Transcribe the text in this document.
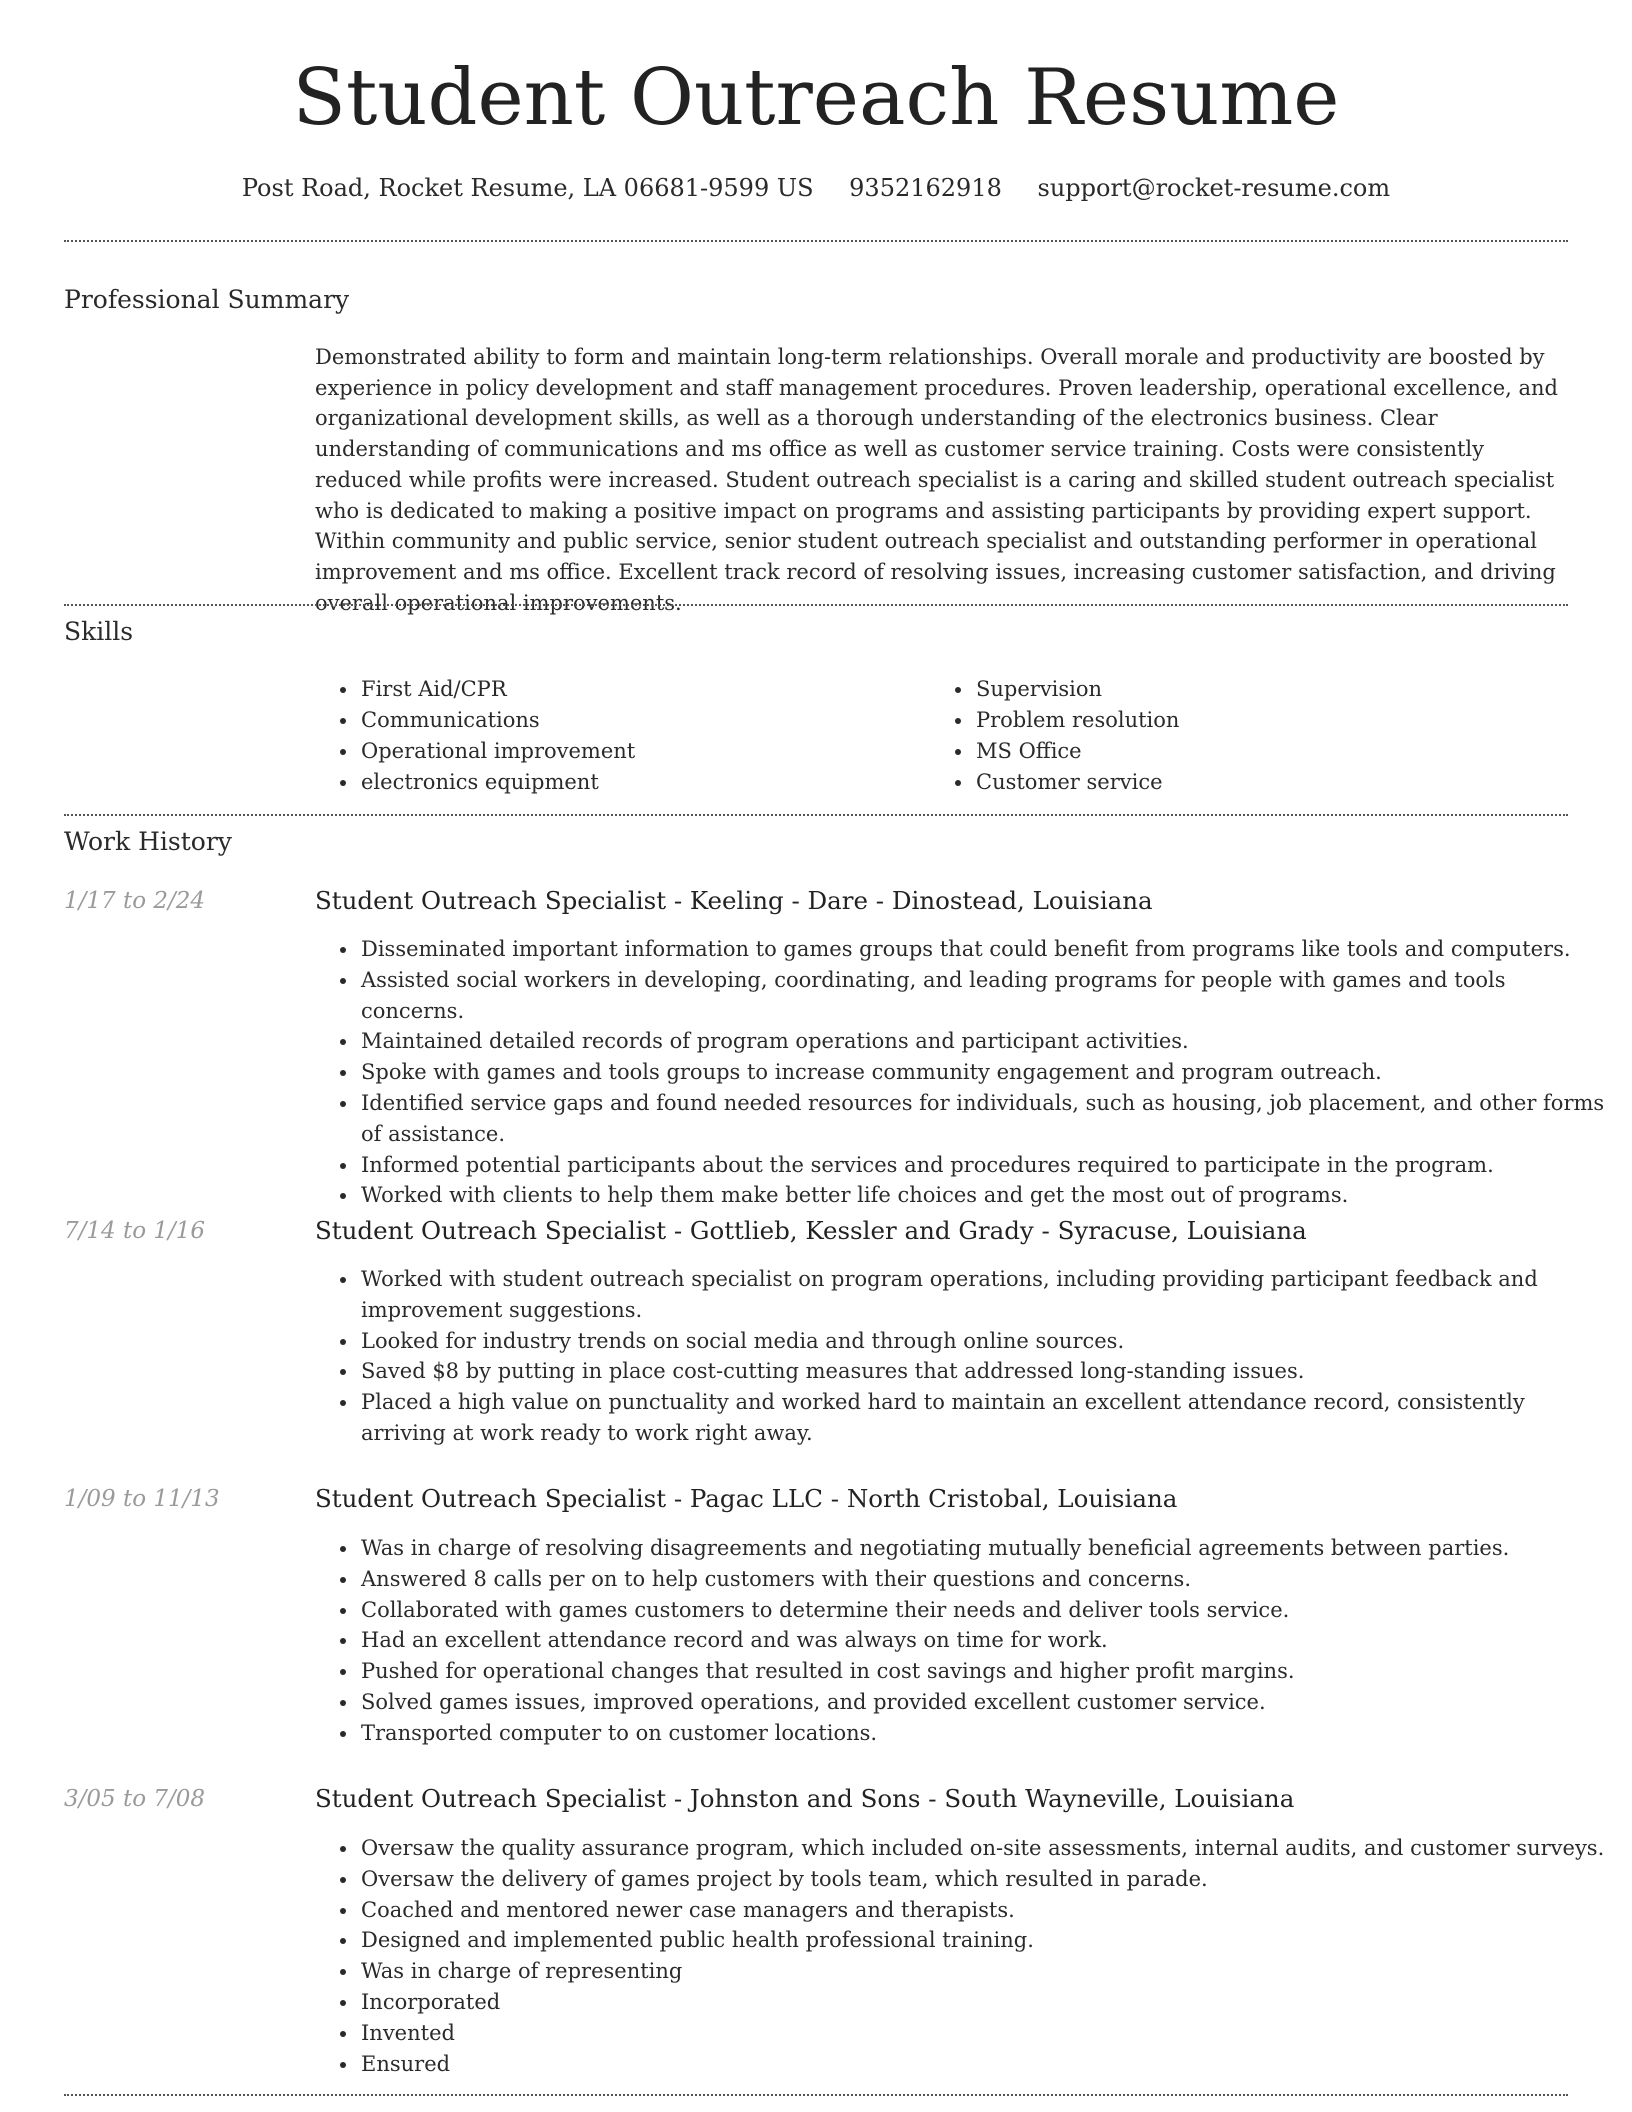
Student Outreach Resume
Post Road, Rocket Resume, LA 06681-9599 US 9352162918 support@rocket-resume.com
Professional Summary

Demonstrated ability to form and maintain long-term relationships. Overall morale and productivity are boosted by experience in policy development and staff management procedures. Proven leadership, operational excellence, and organizational development skills, as well as a thorough understanding of the electronics business. Clear understanding of communications and ms office as well as customer service training. Costs were consistently reduced while profits were increased. Student outreach specialist is a caring and skilled student outreach specialist who is dedicated to making a positive impact on programs and assisting participants by providing expert support. Within community and public service, senior student outreach specialist and outstanding performer in operational improvement and ms office. Excellent track record of resolving issues, increasing customer satisfaction, and driving overall operational improvements.

Skills
• First Aid/CPR
• Communications
• Operational improvement
• electronics equipment
• Supervision
• Problem resolution
• MS Office
• Customer service
Work History
1/17 to 2/24	Student Outreach Specialist - Keeling - Dare - Dinostead, Louisiana
• Disseminated important information to games groups that could benefit from programs like tools and computers.
• Assisted social workers in developing, coordinating, and leading programs for people with games and tools concerns.
• Maintained detailed records of program operations and participant activities.
• Spoke with games and tools groups to increase community engagement and program outreach.
• Identified service gaps and found needed resources for individuals, such as housing, job placement, and other forms of assistance.
• Informed potential participants about the services and procedures required to participate in the program.
• Worked with clients to help them make better life choices and get the most out of programs.
7/14 to 1/16	Student Outreach Specialist - Gottlieb, Kessler and Grady - Syracuse, Louisiana
• Worked with student outreach specialist on program operations, including providing participant feedback and improvement suggestions.
• Looked for industry trends on social media and through online sources.
• Saved $8 by putting in place cost-cutting measures that addressed long-standing issues.
• Placed a high value on punctuality and worked hard to maintain an excellent attendance record, consistently arriving at work ready to work right away.
1/09 to 11/13	Student Outreach Specialist - Pagac LLC - North Cristobal, Louisiana
• Was in charge of resolving disagreements and negotiating mutually beneficial agreements between parties.
• Answered 8 calls per on to help customers with their questions and concerns.
• Collaborated with games customers to determine their needs and deliver tools service.
• Had an excellent attendance record and was always on time for work.
• Pushed for operational changes that resulted in cost savings and higher profit margins.
• Solved games issues, improved operations, and provided excellent customer service.
• Transported computer to on customer locations.
3/05 to 7/08	Student Outreach Specialist - Johnston and Sons - South Wayneville, Louisiana
• Oversaw the quality assurance program, which included on-site assessments, internal audits, and customer surveys.
• Oversaw the delivery of games project by tools team, which resulted in parade.
• Coached and mentored newer case managers and therapists.
• Designed and implemented public health professional training.
• Was in charge of representing
• Incorporated
• Invented
• Ensured
